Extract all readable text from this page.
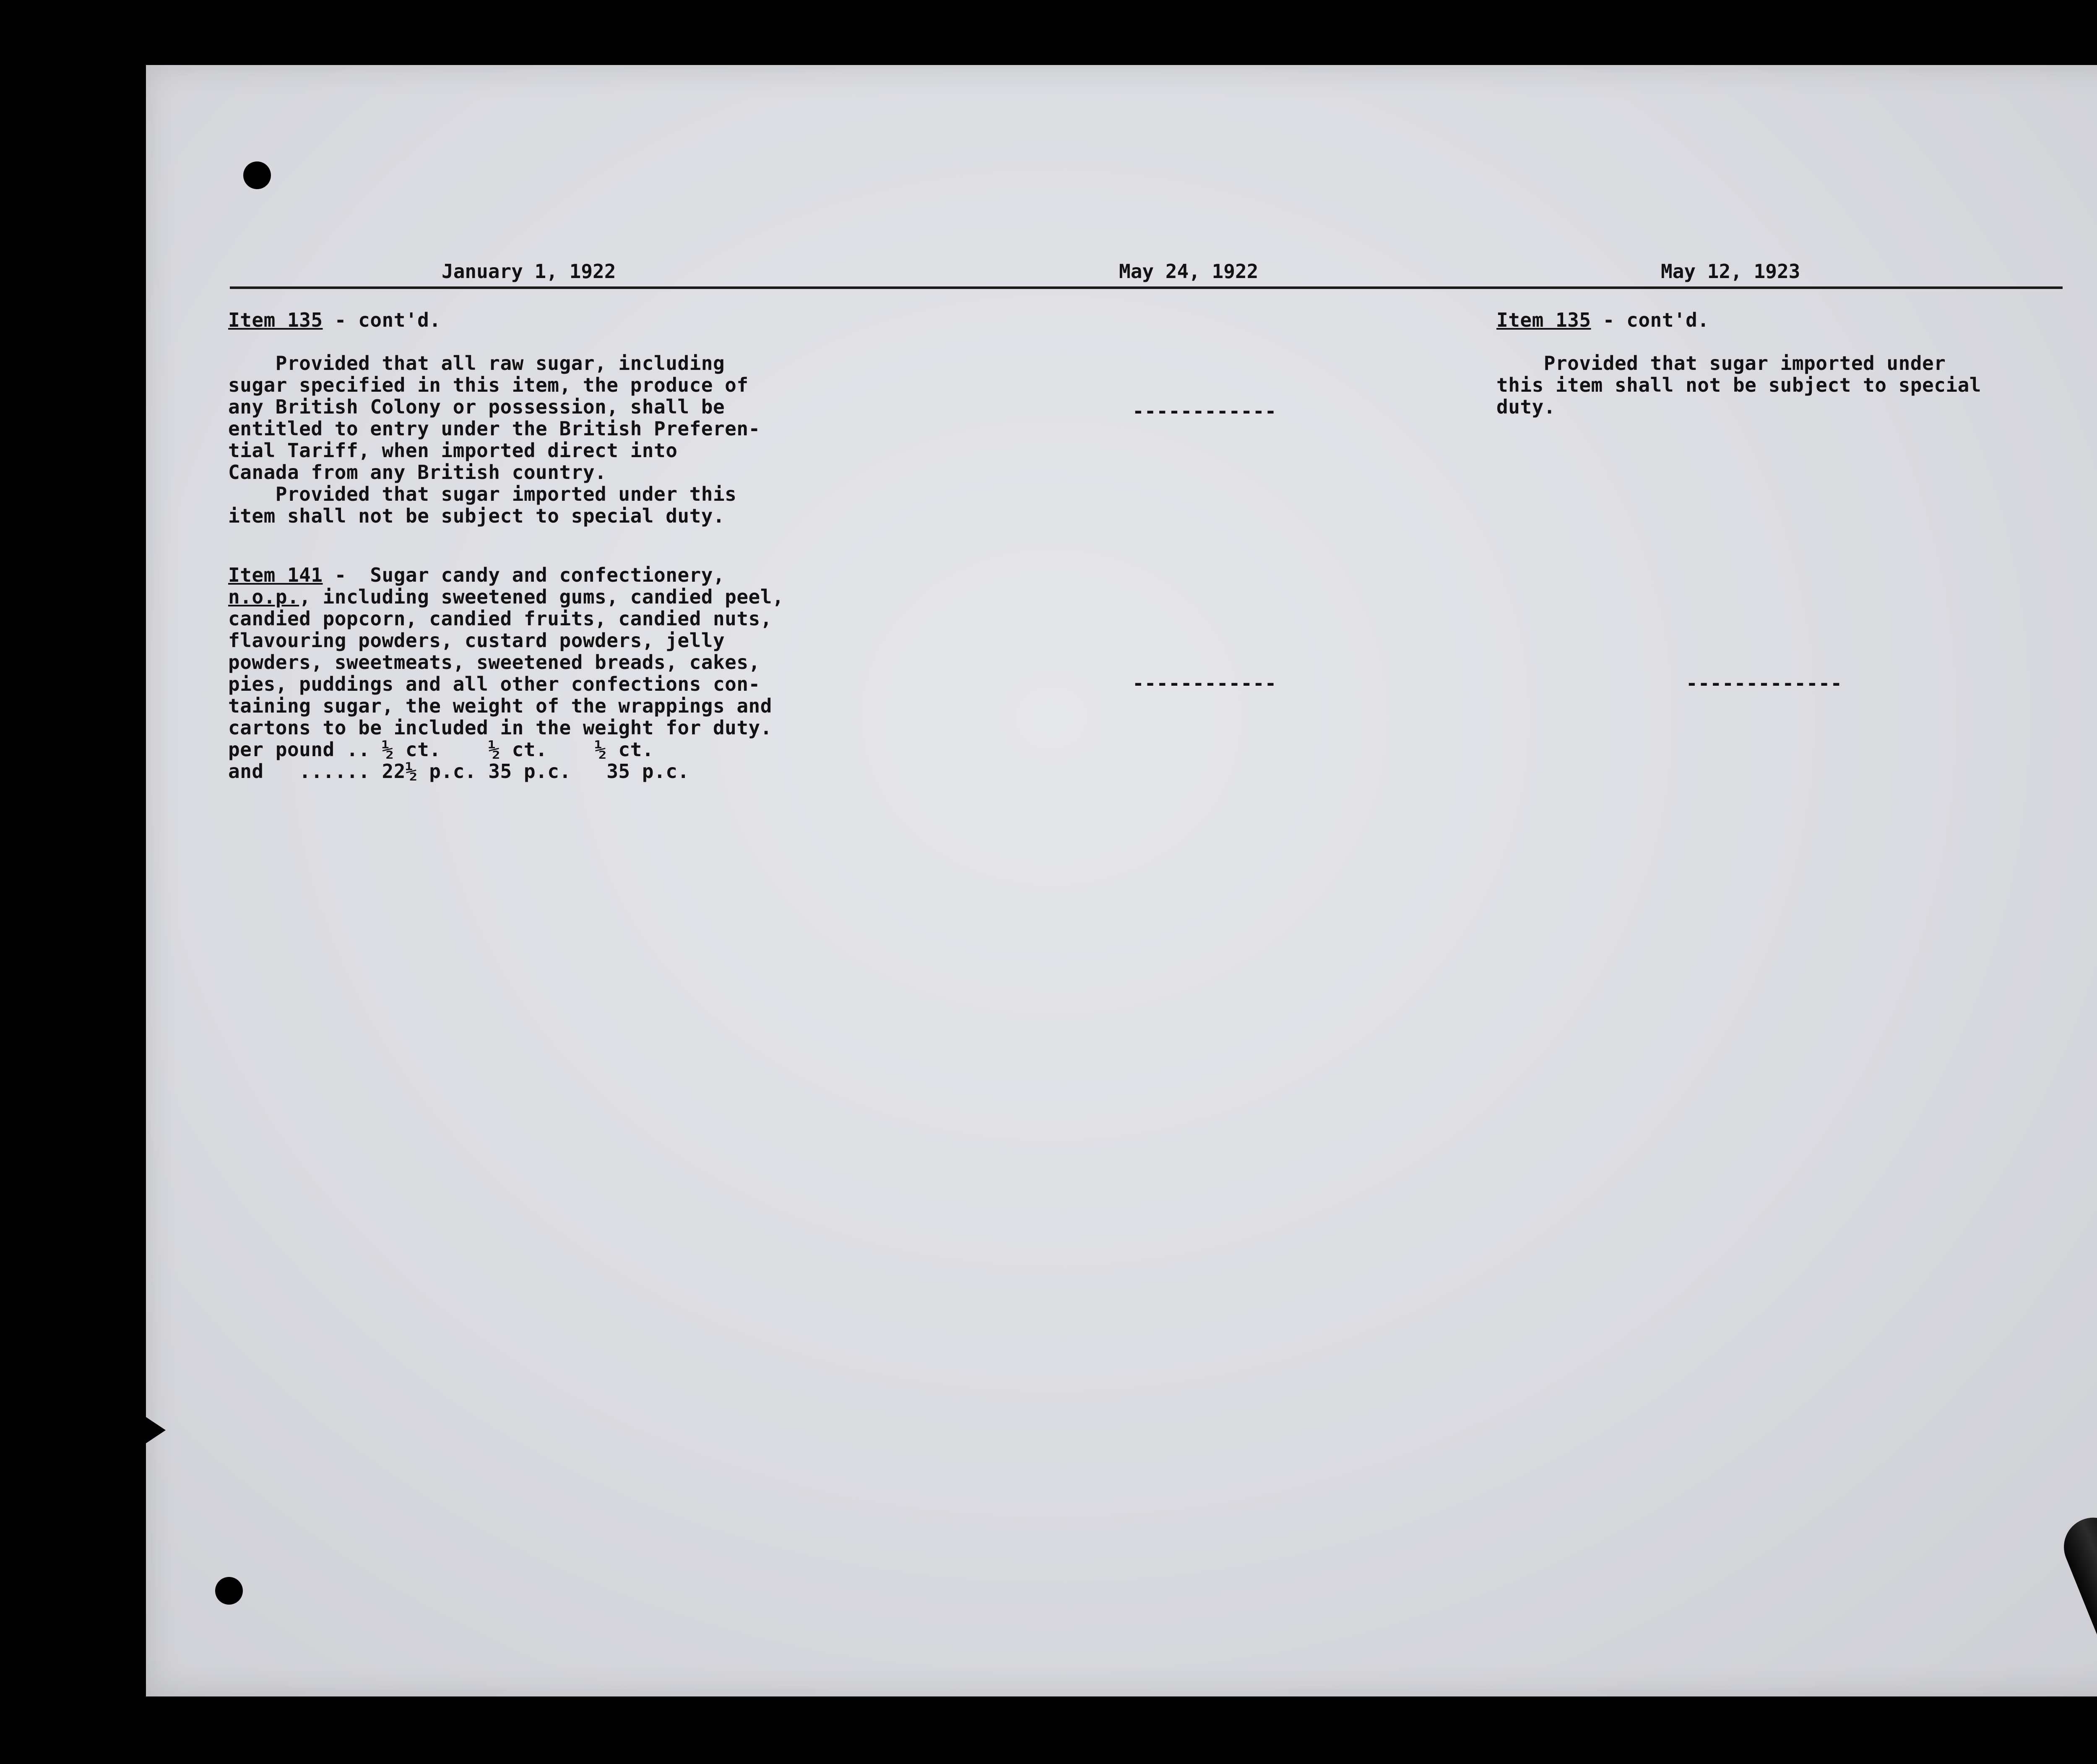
January 1, 1922	May 24, 1922	May 12, 1923
Item 135 - cont'd.
Provided that all raw sugar, including
sugar specified in this item, the produce of
any British Colony or possession, shall be
entitled to entry under the British Preferen-
tial Tariff, when imported direct into
Canada from any British country.
Provided that sugar imported under this
item shall not be subject to special duty.
Item 141 -  Sugar candy and confectionery,
n.o.p., including sweetened gums, candied peel,
candied popcorn, candied fruits, candied nuts,
flavouring powders, custard powders, jelly
powders, sweetmeats, sweetened breads, cakes,
pies, puddings and all other confections con-
taining sugar, the weight of the wrappings and
cartons to be included in the weight for duty.
per pound .. ½ ct.    ½ ct.    ½ ct.
and   ...... 22½ p.c. 35 p.c.   35 p.c.
------------
------------
Item 135 - cont'd.
Provided that sugar imported under
this item shall not be subject to special
duty.
-------------
